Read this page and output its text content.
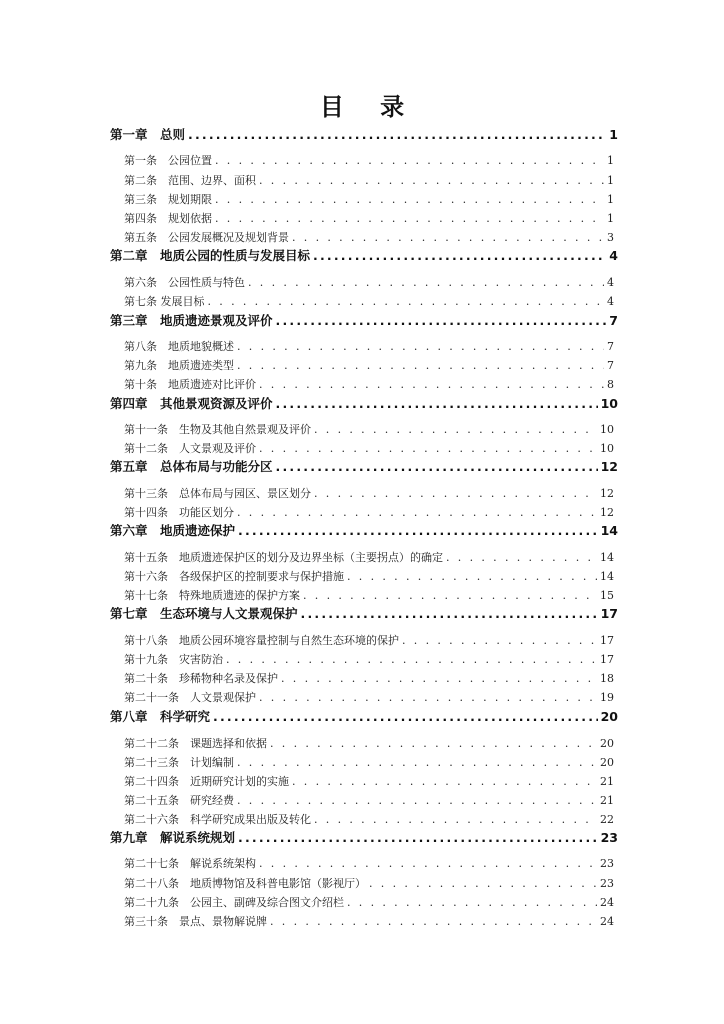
目 录
第一章　总则 .....	1
第一条　公园位置 . . .	1
第二条　范围、边界、面积 . . .	1
第三条　规划期限 . . .	1
第四条　规划依据 . . .	1
第五条　公园发展概况及规划背景 . . .	3
第二章　地质公园的性质与发展目标 .....	4
第六条　公园性质与特色 . . .	4
第七条 发展目标 . . .	4
第三章　地质遗迹景观及评价 .....	7
第八条　地质地貌概述 . . .	7
第九条　地质遗迹类型 . . .	7
第十条　地质遗迹对比评价 . . .	8
第四章　其他景观资源及评价 .....	10
第十一条　生物及其他自然景观及评价 . . .	10
第十二条　人文景观及评价 . . .	10
第五章　总体布局与功能分区 .....	12
第十三条　总体布局与园区、景区划分 . . .	12
第十四条　功能区划分 . . .	12
第六章　地质遗迹保护 .....	14
第十五条　地质遗迹保护区的划分及边界坐标（主要拐点）的确定 . . .	14
第十六条　各级保护区的控制要求与保护措施 . . .	14
第十七条　特殊地质遗迹的保护方案 . . .	15
第七章　生态环境与人文景观保护 .....	17
第十八条　地质公园环境容量控制与自然生态环境的保护 . . .	17
第十九条　灾害防治 . . .	17
第二十条　珍稀物种名录及保护 . . .	18
第二十一条　人文景观保护 . . .	19
第八章　科学研究 .....	20
第二十二条　课题选择和依据 . . .	20
第二十三条　计划编制 . . .	20
第二十四条　近期研究计划的实施 . . .	21
第二十五条　研究经费 . . .	21
第二十六条　科学研究成果出版及转化 . . .	22
第九章　解说系统规划 .....	23
第二十七条　解说系统架构 . . .	23
第二十八条　地质博物馆及科普电影馆（影视厅） . . .	23
第二十九条　公园主、副碑及综合图文介绍栏 . . .	24
第三十条　景点、景物解说牌 . . .	24
